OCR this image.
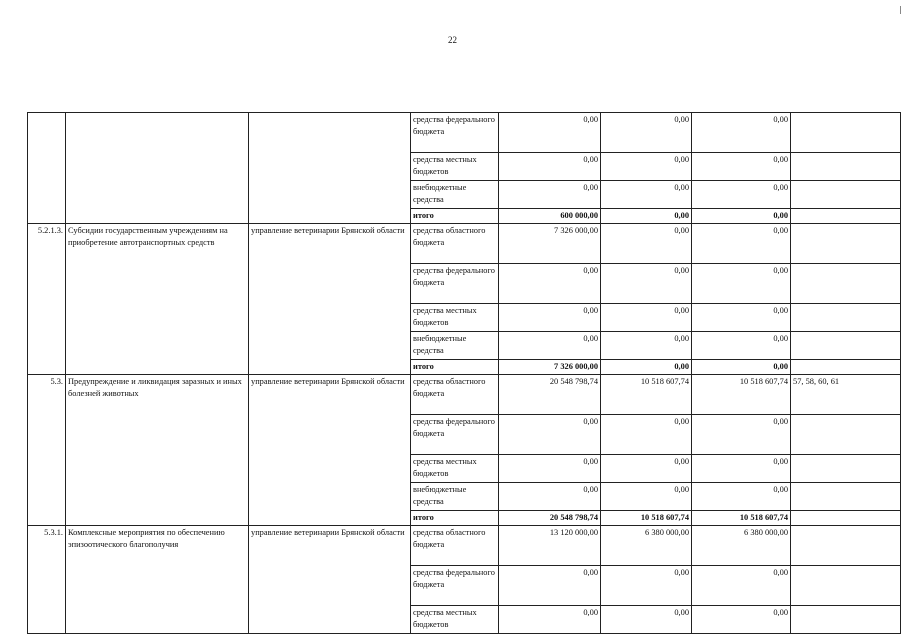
22
			средства федерального бюджета	0,00	0,00	0,00	
			средства местных бюджетов	0,00	0,00	0,00	
			внебюджетные средства	0,00	0,00	0,00	
			итого	600 000,00	0,00	0,00	
5.2.1.3.	Субсидии государственным учреждениям на приобретение автотранспортных средств	управление ветеринарии Брянской области	средства областного бюджета	7 326 000,00	0,00	0,00	
			средства федерального бюджета	0,00	0,00	0,00	
			средства местных бюджетов	0,00	0,00	0,00	
			внебюджетные средства	0,00	0,00	0,00	
			итого	7 326 000,00	0,00	0,00	
5.3.	Предупреждение и ликвидация заразных и иных болезней животных	управление ветеринарии Брянской области	средства областного бюджета	20 548 798,74	10 518 607,74	10 518 607,74	57, 58, 60, 61
			средства федерального бюджета	0,00	0,00	0,00	
			средства местных бюджетов	0,00	0,00	0,00	
			внебюджетные средства	0,00	0,00	0,00	
			итого	20 548 798,74	10 518 607,74	10 518 607,74	
5.3.1.	Комплексные мероприятия по обеспечению эпизоотического благополучия	управление ветеринарии Брянской области	средства областного бюджета	13 120 000,00	6 380 000,00	6 380 000,00	
			средства федерального бюджета	0,00	0,00	0,00	
			средства местных бюджетов	0,00	0,00	0,00	
